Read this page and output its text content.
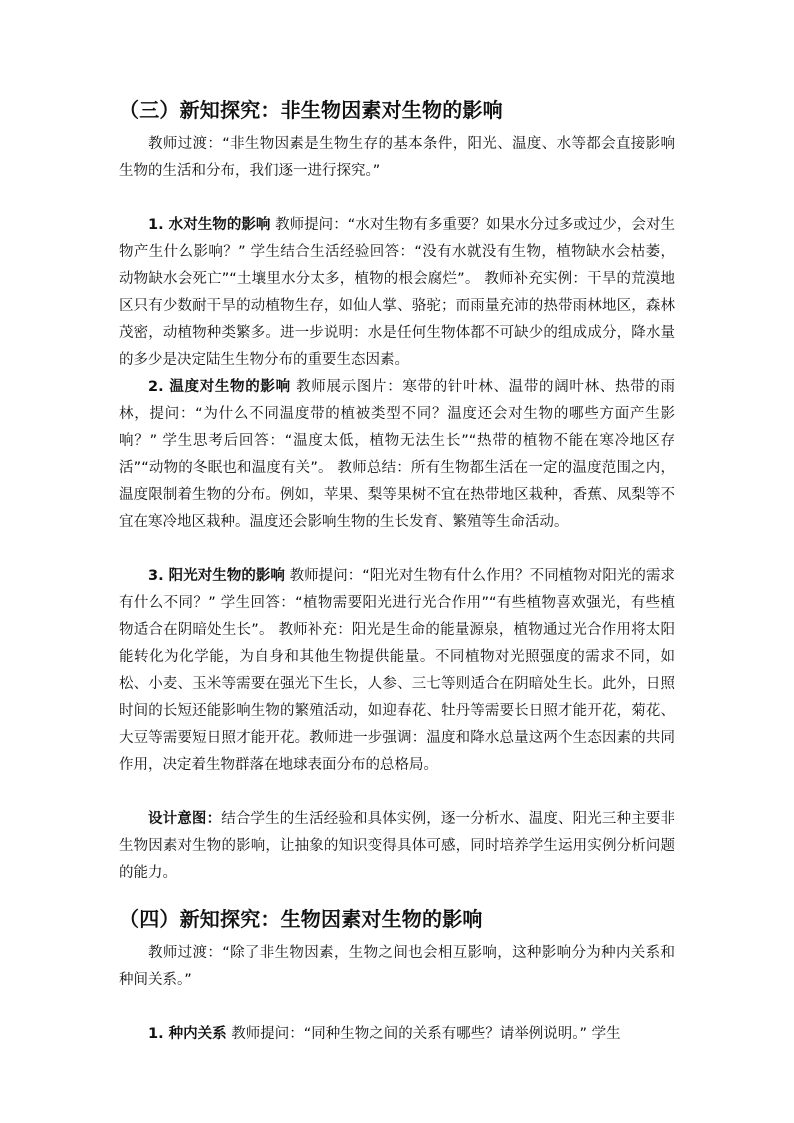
（三）新知探究：非生物因素对生物的影响

教师过渡：“非生物因素是生物生存的基本条件，阳光、温度、水等都会直接影响生物的生活和分布，我们逐一进行探究。”

1. 水对生物的影响 教师提问：“水对生物有多重要？如果水分过多或过少，会对生物产生什么影响？” 学生结合生活经验回答：“没有水就没有生物，植物缺水会枯萎，动物缺水会死亡”“土壤里水分太多，植物的根会腐烂”。 教师补充实例：干旱的荒漠地区只有少数耐干旱的动植物生存，如仙人掌、骆驼；而雨量充沛的热带雨林地区，森林茂密，动植物种类繁多。进一步说明：水是任何生物体都不可缺少的组成成分，降水量的多少是决定陆生生物分布的重要生态因素。

2. 温度对生物的影响 教师展示图片：寒带的针叶林、温带的阔叶林、热带的雨林，提问：“为什么不同温度带的植被类型不同？温度还会对生物的哪些方面产生影响？” 学生思考后回答：“温度太低，植物无法生长”“热带的植物不能在寒冷地区存活”“动物的冬眠也和温度有关”。 教师总结：所有生物都生活在一定的温度范围之内，温度限制着生物的分布。例如，苹果、梨等果树不宜在热带地区栽种，香蕉、凤梨等不宜在寒冷地区栽种。温度还会影响生物的生长发育、繁殖等生命活动。

3. 阳光对生物的影响 教师提问：“阳光对生物有什么作用？不同植物对阳光的需求有什么不同？” 学生回答：“植物需要阳光进行光合作用”“有些植物喜欢强光，有些植物适合在阴暗处生长”。 教师补充：阳光是生命的能量源泉，植物通过光合作用将太阳能转化为化学能，为自身和其他生物提供能量。不同植物对光照强度的需求不同，如松、小麦、玉米等需要在强光下生长，人参、三七等则适合在阴暗处生长。此外，日照时间的长短还能影响生物的繁殖活动，如迎春花、牡丹等需要长日照才能开花，菊花、大豆等需要短日照才能开花。教师进一步强调：温度和降水总量这两个生态因素的共同作用，决定着生物群落在地球表面分布的总格局。

设计意图：结合学生的生活经验和具体实例，逐一分析水、温度、阳光三种主要非生物因素对生物的影响，让抽象的知识变得具体可感，同时培养学生运用实例分析问题的能力。

（四）新知探究：生物因素对生物的影响

教师过渡：“除了非生物因素，生物之间也会相互影响，这种影响分为种内关系和种间关系。”

1. 种内关系 教师提问：“同种生物之间的关系有哪些？请举例说明。” 学生
